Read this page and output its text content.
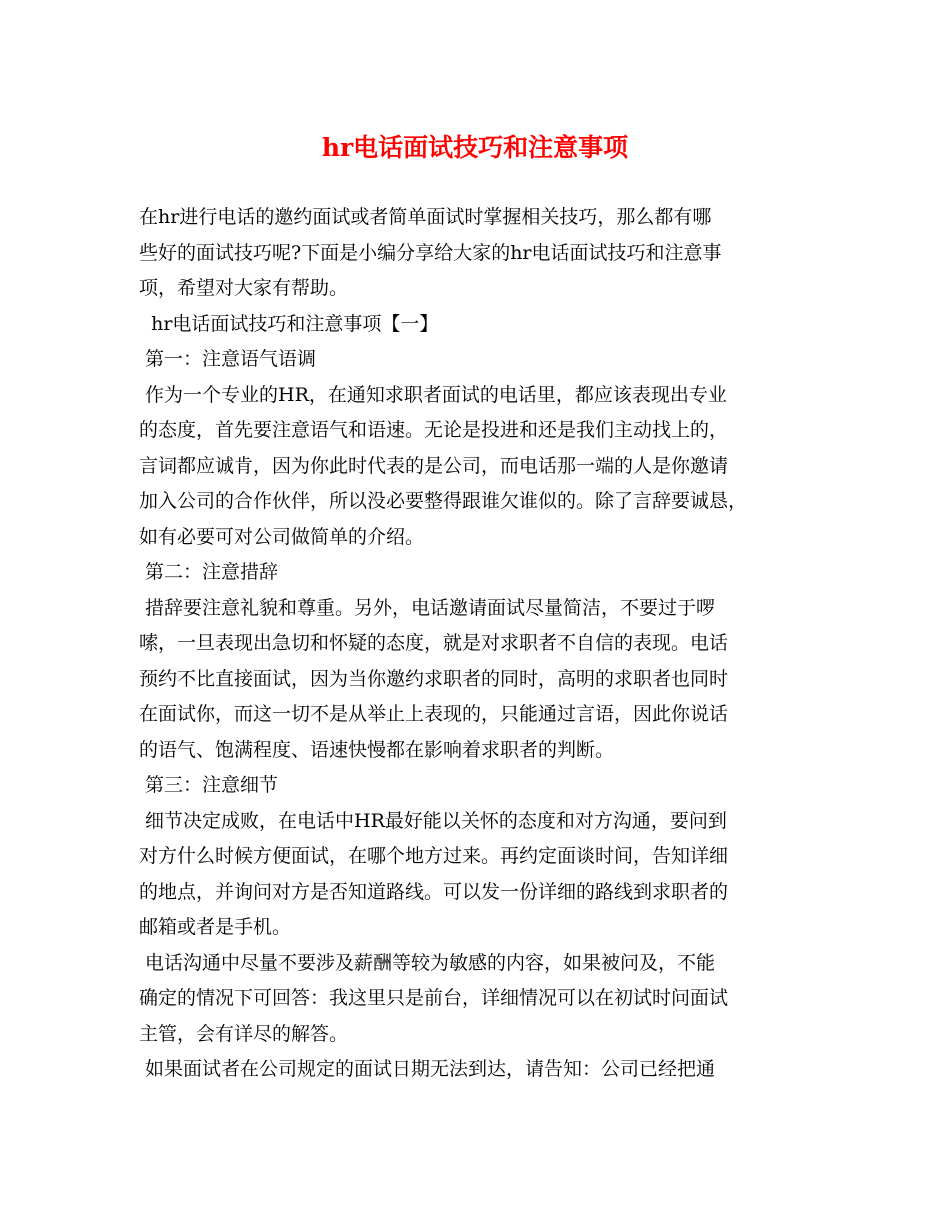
hr电话面试技巧和注意事项
在hr进行电话的邀约面试或者简单面试时掌握相关技巧，那么都有哪
些好的面试技巧呢?下面是小编分享给大家的hr电话面试技巧和注意事
项，希望对大家有帮助。
hr电话面试技巧和注意事项【一】
第一：注意语气语调
作为一个专业的HR，在通知求职者面试的电话里，都应该表现出专业
的态度，首先要注意语气和语速。无论是投进和还是我们主动找上的，
言词都应诚肯，因为你此时代表的是公司，而电话那一端的人是你邀请
加入公司的合作伙伴，所以没必要整得跟谁欠谁似的。除了言辞要诚恳，
如有必要可对公司做简单的介绍。
第二：注意措辞
措辞要注意礼貌和尊重。另外，电话邀请面试尽量简洁，不要过于啰
嗦，一旦表现出急切和怀疑的态度，就是对求职者不自信的表现。电话
预约不比直接面试，因为当你邀约求职者的同时，高明的求职者也同时
在面试你，而这一切不是从举止上表现的，只能通过言语，因此你说话
的语气、饱满程度、语速快慢都在影响着求职者的判断。
第三：注意细节
细节决定成败，在电话中HR最好能以关怀的态度和对方沟通，要问到
对方什么时候方便面试，在哪个地方过来。再约定面谈时间，告知详细
的地点，并询问对方是否知道路线。可以发一份详细的路线到求职者的
邮箱或者是手机。
电话沟通中尽量不要涉及薪酬等较为敏感的内容，如果被问及，不能
确定的情况下可回答：我这里只是前台，详细情况可以在初试时问面试
主管，会有详尽的解答。
如果面试者在公司规定的面试日期无法到达，请告知：公司已经把通
